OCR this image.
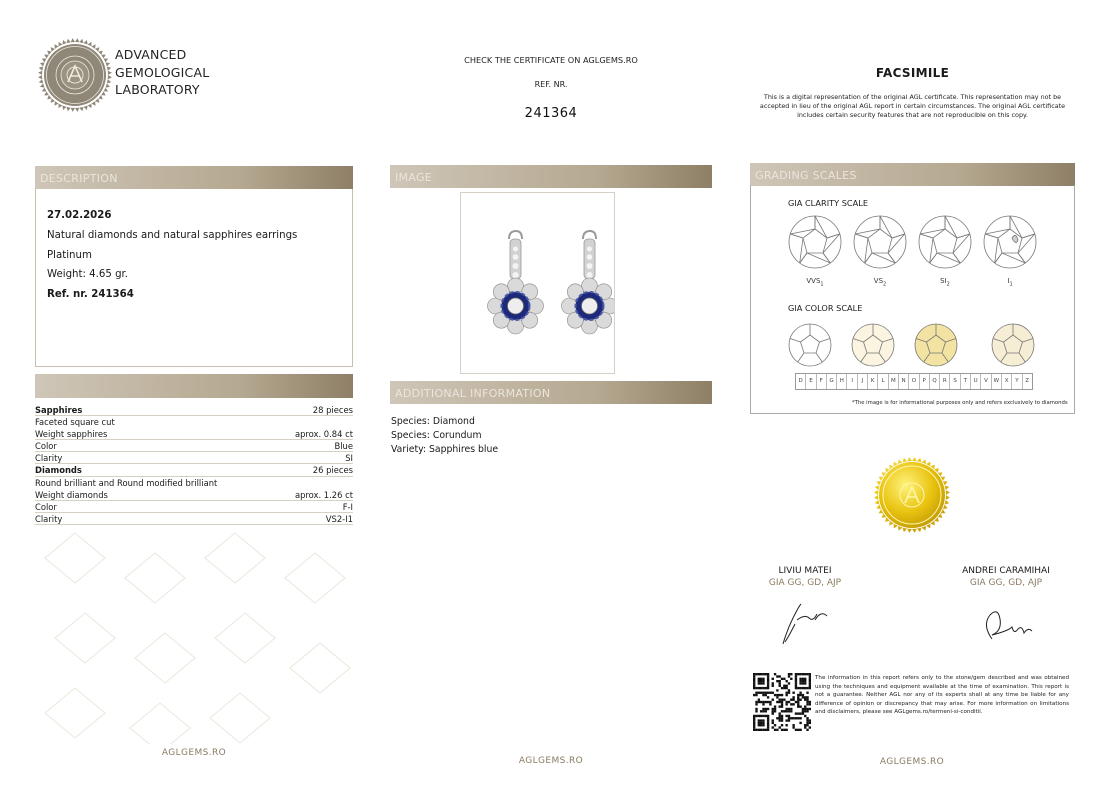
ADVANCED
GEMOLOGICAL
LABORATORY
CHECK THE CERTIFICATE ON AGLGEMS.RO
REF. NR.
241364
FACSIMILE
This is a digital representation of the original AGL certificate. This representation may not be accepted in lieu of the original AGL report in certain circumstances. The original AGL certificate includes certain security features that are not reproducible on this copy.
DESCRIPTION
27.02.2026
Natural diamonds and natural sapphires earrings
Platinum
Weight: 4.65 gr.
Ref. nr. 241364
Sapphires	28 pieces
Faceted square cut
Weight sapphires	aprox. 0.84 ct
Color	Blue
Clarity	SI
Diamonds	26 pieces
Round brilliant and Round modified brilliant
Weight diamonds	aprox. 1.26 ct
Color	F-I
Clarity	VS2-I1
IMAGE
ADDITIONAL INFORMATION
Species: Diamond
Species: Corundum
Variety: Sapphires blue
GRADING SCALES
GIA CLARITY SCALE
$VVS_1$	$VS_2$	$SI_2$	$I_1$
GIA COLOR SCALE
D	E	F	G	H	I	J	K	L	M	N	O	P	Q	R	S	T	U	V	W	X	Y	Z
*The image is for informational purposes only and refers exclusively to diamonds
LIVIU MATEI
GIA GG, GD, AJP
ANDREI CARAMIHAI
GIA GG, GD, AJP
The information in this report refers only to the stone/gem described and was obtained using the techniques and equipment available at the time of examination. This report is not a guarantee. Neither AGL nor any of its experts shall at any time be liable for any difference of opinion or discrepancy that may arise. For more information on limitations and disclaimers, please see AGLgems.ro/termeni-si-conditii.
AGLGEMS.RO
AGLGEMS.RO	AGLGEMS.RO
